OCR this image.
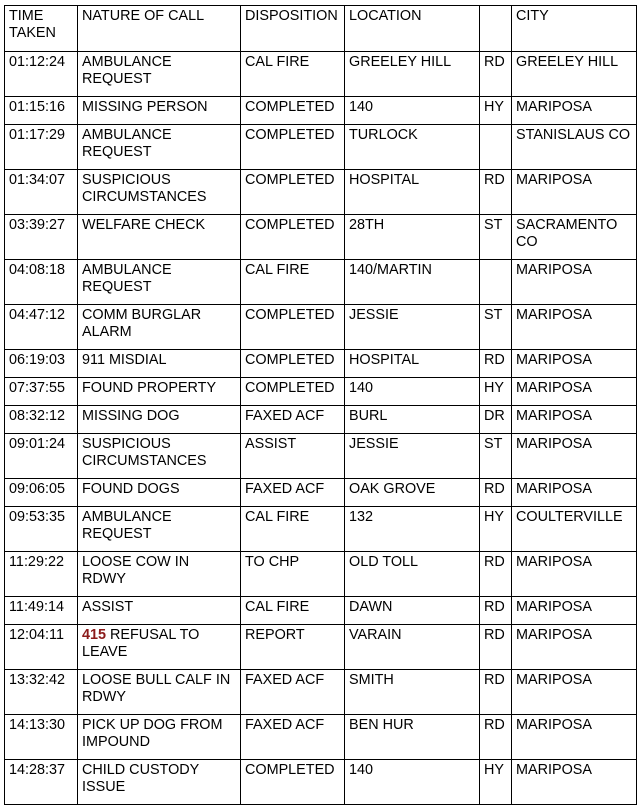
TIME TAKEN	NATURE OF CALL	DISPOSITION	LOCATION		CITY
01:12:24	AMBULANCE REQUEST	CAL FIRE	GREELEY HILL	RD	GREELEY HILL
01:15:16	MISSING PERSON	COMPLETED	140	HY	MARIPOSA
01:17:29	AMBULANCE REQUEST	COMPLETED	TURLOCK		STANISLAUS CO
01:34:07	SUSPICIOUS CIRCUMSTANCES	COMPLETED	HOSPITAL	RD	MARIPOSA
03:39:27	WELFARE CHECK	COMPLETED	28TH	ST	SACRAMENTO CO
04:08:18	AMBULANCE REQUEST	CAL FIRE	140/MARTIN		MARIPOSA
04:47:12	COMM BURGLAR ALARM	COMPLETED	JESSIE	ST	MARIPOSA
06:19:03	911 MISDIAL	COMPLETED	HOSPITAL	RD	MARIPOSA
07:37:55	FOUND PROPERTY	COMPLETED	140	HY	MARIPOSA
08:32:12	MISSING DOG	FAXED ACF	BURL	DR	MARIPOSA
09:01:24	SUSPICIOUS CIRCUMSTANCES	ASSIST	JESSIE	ST	MARIPOSA
09:06:05	FOUND DOGS	FAXED ACF	OAK GROVE	RD	MARIPOSA
09:53:35	AMBULANCE REQUEST	CAL FIRE	132	HY	COULTERVILLE
11:29:22	LOOSE COW IN RDWY	TO CHP	OLD TOLL	RD	MARIPOSA
11:49:14	ASSIST	CAL FIRE	DAWN	RD	MARIPOSA
12:04:11	415 REFUSAL TO LEAVE	REPORT	VARAIN	RD	MARIPOSA
13:32:42	LOOSE BULL CALF IN RDWY	FAXED ACF	SMITH	RD	MARIPOSA
14:13:30	PICK UP DOG FROM IMPOUND	FAXED ACF	BEN HUR	RD	MARIPOSA
14:28:37	CHILD CUSTODY ISSUE	COMPLETED	140	HY	MARIPOSA
